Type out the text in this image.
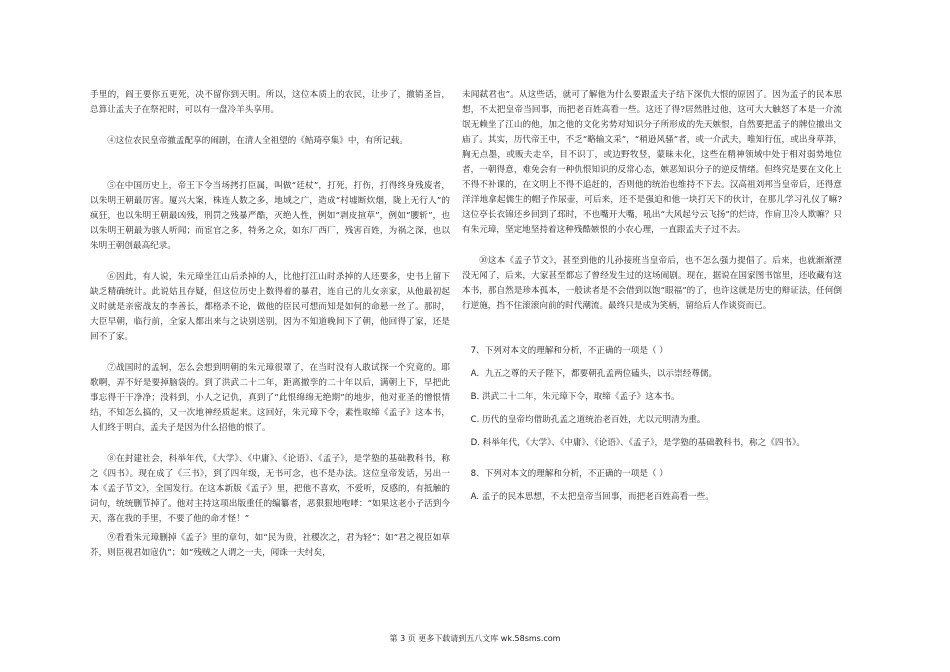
手里的，阎王要你五更死，决不留你到天明。所以，这位本质上的农民，让步了，撤销圣旨，总算让孟夫子在祭祀时，可以有一盘冷羊头享用。

④这位农民皇帝撤孟配享的闹剧，在清人全祖望的《鲒琦亭集》中，有所记载。

⑤在中国历史上，帝王下令当场拷打臣属，叫做“廷杖”，打死，打伤，打得终身残废者，以朱明王朝最厉害。厦兴大案，株连人数之多，地域之广，造成“村墟断炊烟，陇上无行人”的疯狂，也以朱明王朝最凶残，刑罚之残暴严酷，灭绝人性，例如“剥皮揎草”，例如“腰斩”，也以朱明王朝最为骇人听闻；而宦官之多，特务之众，如东厂西厂，残害百姓，为祸之深，也以朱明王朝创最高纪录。

⑥因此，有人说，朱元璋坐江山后杀掉的人，比他打江山时杀掉的人还要多，史书上留下缺乏精确统计。此说姑且存疑，但这位历史上数得着的暴君，连自己的儿女亲家，从他最初起义时就是亲密战友的李善长，都格杀不论，做他的臣民可想而知是如何的命悬一丝了。那时，大臣早朝，临行前，全家人都出来与之诀别送别，因为不知道晚间下了朝，他回得了家，还是回不了家。

⑦战国时的孟轲，怎么会想到明朝的朱元璋很罩了，在当时没有人敢试探一个究竟的。耶歌啊，弄不好是要掉脑袋的。到了洪武二十二年，距离撤孪的二十年以后，满朝上下，早把此事忘得干干净净；没料到，小人之记仇，真到了“此恨绵绵无绝期”的地步，他对亚圣的憎恨情结，不知怎么搞的，又一次地神经质起来。这回好，朱元璋下令，素性取缔《孟子》这本书，人们终于明白，孟夫子是因为什么招他的恨了。

⑧在封建社会，科举年代，《大学》、《中庸》、《论语》、《孟子》，是学塾的基础教科书，称之《四书》。现在成了《三书》，到了四年级，无书可念，也不是办法。这位皇帝发话，另出一本《孟子节文》，全国发行。在这本新版《孟子》里，把他不喜欢，不爱听，反感的，有抵触的词句，统统删节掉了。他对主持这项出版重任的编纂者，恶狠狠地咆哮：“如果这老小子活到今天，落在我的手里，不要了他的命才怪！”

⑨看看朱元璋删掉《孟子》里的章句，如“民为贵，社稷次之，君为轻”；如“君之视臣如草芥，则臣视君如寇仇”；如“残贼之人谓之一夫，闻诛一夫纣矣，

未闻弑君也”。从这些话，就可了解他为什么要跟孟夫子结下深仇大恨的原因了。因为孟子的民本思想，不太把皇帝当回事，而把老百姓高看一些。这还了得?居然胜过他，这可大大触怒了本是一介流氓无赖坐了江山的他，加之他的文化劣势对知识分子所形成的先天嫉恨，自然要把孟子的牌位撤出文庙了。其实，历代帝王中，不乏“略输文采”，“稍逊风骚”者，或一介武夫，唯知行伍，或出身草莽，胸无点墨，或贩夫走卒，目不识丁，或边野牧竖，蒙昧未化，这些在精神领域中处于相对弱势地位者，一朝得意，难免会有一种仇恨知识的反常心态，嫉恶知识分子的逆反情绪。但终究是要在文化上不得不补课的，在文明上不得不追赶的，否则他的统治也维持不下去。汉高祖刘邦当皇帝后，还得意洋洋地拿起儒生的帽子作尿壶，可后来，还不是强迫和他一块打天下的伙计，在那儿学习礼仪了嘛?这位亭长衣锦还乡回到了邳时，不也嘴开大嘴，吼出“大风起兮云飞扬”的烂诗，作肩卫冷人欺嘛？只有朱元璋，坚定地坚持着这种残酷嫉恨的小农心理，一直跟孟夫子过不去。

⑩这本《孟子节文》，甚至到他的儿孙接班当皇帝后，也不怎么强力提倡了。后来，也就渐渐湮没无闻了，后来，大家甚至都忘了曾经发生过的这场闹剧。现在，据说在国家图书馆里，还收藏有这本书，那自然是珍本孤本，一般读者是不会借到以饱“眼福”的了，也许这就是历史的辩证法，任何倒行逆施，挡不住滚滚向前的时代潮流。最终只是成为笑柄，留给后人作谈资而已。

7、下列对本文的理解和分析，不正确的一项是（ ）

A．九五之尊的天子陛下，都要朝孔孟两位磕头，以示崇经尊儒。

B. 洪武二十二年，朱元璋下令，取缔《孟子》这本书。

C. 历代的皇帝均借助孔孟之道统治老百姓，尤以元明清为重。

D. 科举年代，《大学》、《中庸》、《论语》、《孟子》，是学塾的基础教科书，称之《四书》。

8、下列对本文的理解和分析，不正确的一项是（ ）

A. 孟子的民本思想，不太把皇帝当回事，而把老百姓高看一些。

第 3 页 更多下载请到五八文库 wk.58sms.com
